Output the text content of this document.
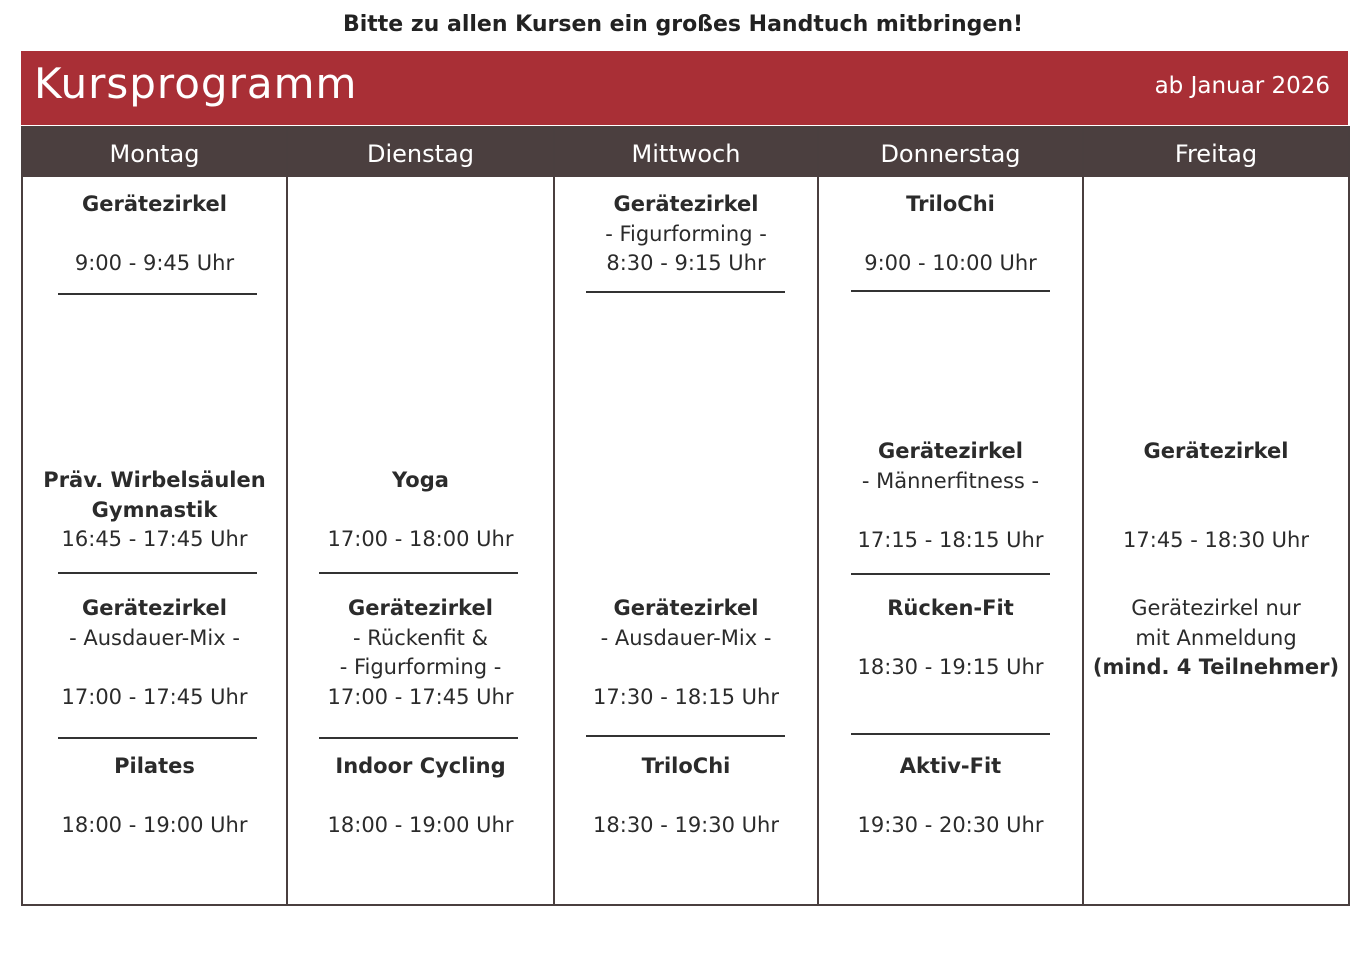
Bitte zu allen Kursen ein großes Handtuch mitbringen!
Kursprogramm	ab Januar 2026
Montag
Gerätezirkel
9:00 - 9:45 Uhr
Präv. Wirbelsäulen
Gymnastik
16:45 - 17:45 Uhr
Gerätezirkel
- Ausdauer-Mix -
17:00 - 17:45 Uhr
Pilates
18:00 - 19:00 Uhr
Dienstag
Yoga
17:00 - 18:00 Uhr
Gerätezirkel
- Rückenfit &
- Figurforming -
17:00 - 17:45 Uhr
Indoor Cycling
18:00 - 19:00 Uhr
Mittwoch
Gerätezirkel
- Figurforming -
8:30 - 9:15 Uhr
Gerätezirkel
- Ausdauer-Mix -
17:30 - 18:15 Uhr
TriloChi
18:30 - 19:30 Uhr
Donnerstag
TriloChi
9:00 - 10:00 Uhr
Gerätezirkel
- Männerfitness -
17:15 - 18:15 Uhr
Rücken-Fit
18:30 - 19:15 Uhr
Aktiv-Fit
19:30 - 20:30 Uhr
Freitag
Gerätezirkel
17:45 - 18:30 Uhr
Gerätezirkel nur
mit Anmeldung
(mind. 4 Teilnehmer)
